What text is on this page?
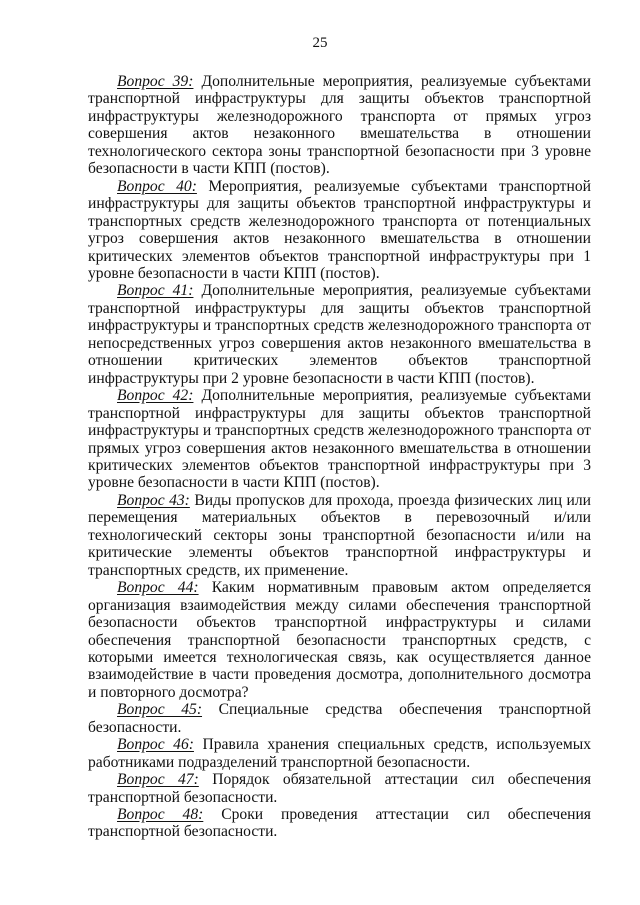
25

Вопрос 39: Дополнительные мероприятия, реализуемые субъектами транспортной инфраструктуры для защиты объектов транспортной инфраструктуры железнодорожного транспорта от прямых угроз совершения актов незаконного вмешательства в отношении технологического сектора зоны транспортной безопасности при 3 уровне безопасности в части КПП (постов).

Вопрос 40: Мероприятия, реализуемые субъектами транспортной инфраструктуры для защиты объектов транспортной инфраструктуры и транспортных средств железнодорожного транспорта от потенциальных угроз совершения актов незаконного вмешательства в отношении критических элементов объектов транспортной инфраструктуры при 1 уровне безопасности в части КПП (постов).

Вопрос 41: Дополнительные мероприятия, реализуемые субъектами транспортной инфраструктуры для защиты объектов транспортной инфраструктуры и транспортных средств железнодорожного транспорта от непосредственных угроз совершения актов незаконного вмешательства в отношении критических элементов объектов транспортной инфраструктуры при 2 уровне безопасности в части КПП (постов).

Вопрос 42: Дополнительные мероприятия, реализуемые субъектами транспортной инфраструктуры для защиты объектов транспортной инфраструктуры и транспортных средств железнодорожного транспорта от прямых угроз совершения актов незаконного вмешательства в отношении критических элементов объектов транспортной инфраструктуры при 3 уровне безопасности в части КПП (постов).

Вопрос 43: Виды пропусков для прохода, проезда физических лиц или перемещения материальных объектов в перевозочный и/или технологический секторы зоны транспортной безопасности и/или на критические элементы объектов транспортной инфраструктуры и транспортных средств, их применение.

Вопрос 44: Каким нормативным правовым актом определяется организация взаимодействия между силами обеспечения транспортной безопасности объектов транспортной инфраструктуры и силами обеспечения транспортной безопасности транспортных средств, с которыми имеется технологическая связь, как осуществляется данное взаимодействие в части проведения досмотра, дополнительного досмотра и повторного досмотра?

Вопрос 45: Специальные средства обеспечения транспортной безопасности.

Вопрос 46: Правила хранения специальных средств, используемых работниками подразделений транспортной безопасности.

Вопрос 47: Порядок обязательной аттестации сил обеспечения транспортной безопасности.

Вопрос 48: Сроки проведения аттестации сил обеспечения транспортной безопасности.
